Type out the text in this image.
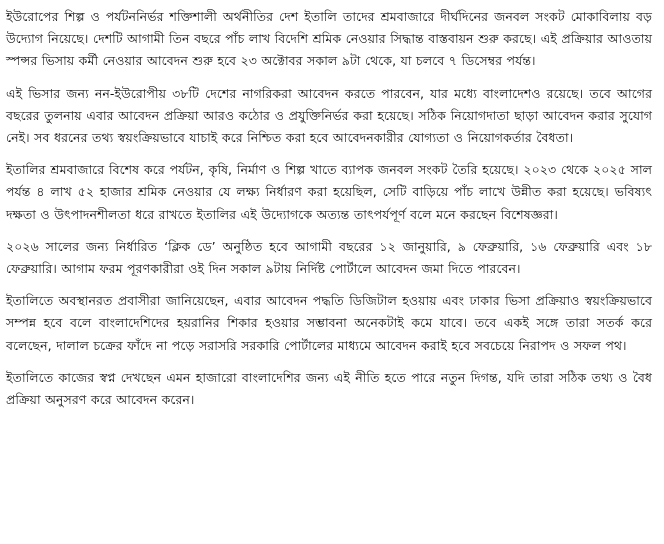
ইউরোপের শিল্প ও পর্যটননির্ভর শক্তিশালী অর্থনীতির দেশ ইতালি তাদের শ্রমবাজারে দীর্ঘদিনের জনবল সংকট মোকাবিলায় বড় উদ্যোগ নিয়েছে। দেশটি আগামী তিন বছরে পাঁচ লাখ বিদেশি শ্রমিক নেওয়ার সিদ্ধান্ত বাস্তবায়ন শুরু করছে। এই প্রক্রিয়ার আওতায় স্পন্সর ভিসায় কর্মী নেওয়ার আবেদন শুরু হবে ২৩ অক্টোবর সকাল ৯টা থেকে, যা চলবে ৭ ডিসেম্বর পর্যন্ত।

এই ভিসার জন্য নন-ইউরোপীয় ৩৮টি দেশের নাগরিকরা আবেদন করতে পারবেন, যার মধ্যে বাংলাদেশও রয়েছে। তবে আগের বছরের তুলনায় এবার আবেদন প্রক্রিয়া আরও কঠোর ও প্রযুক্তিনির্ভর করা হয়েছে। সঠিক নিয়োগদাতা ছাড়া আবেদন করার সুযোগ নেই। সব ধরনের তথ্য স্বয়ংক্রিয়ভাবে যাচাই করে নিশ্চিত করা হবে আবেদনকারীর যোগ্যতা ও নিয়োগকর্তার বৈধতা।

ইতালির শ্রমবাজারে বিশেষ করে পর্যটন, কৃষি, নির্মাণ ও শিল্প খাতে ব্যাপক জনবল সংকট তৈরি হয়েছে। ২০২৩ থেকে ২০২৫ সাল পর্যন্ত ৪ লাখ ৫২ হাজার শ্রমিক নেওয়ার যে লক্ষ্য নির্ধারণ করা হয়েছিল, সেটি বাড়িয়ে পাঁচ লাখে উন্নীত করা হয়েছে। ভবিষ্যৎ দক্ষতা ও উৎপাদনশীলতা ধরে রাখতে ইতালির এই উদ্যোগকে অত্যন্ত তাৎপর্যপূর্ণ বলে মনে করছেন বিশেষজ্ঞরা।

২০২৬ সালের জন্য নির্ধারিত ‘ক্লিক ডে’ অনুষ্ঠিত হবে আগামী বছরের ১২ জানুয়ারি, ৯ ফেব্রুয়ারি, ১৬ ফেব্রুয়ারি এবং ১৮ ফেব্রুয়ারি। আগাম ফরম পূরণকারীরা ওই দিন সকাল ৯টায় নির্দিষ্ট পোর্টালে আবেদন জমা দিতে পারবেন।

ইতালিতে অবস্থানরত প্রবাসীরা জানিয়েছেন, এবার আবেদন পদ্ধতি ডিজিটাল হওয়ায় এবং ঢাকার ভিসা প্রক্রিয়াও স্বয়ংক্রিয়ভাবে সম্পন্ন হবে বলে বাংলাদেশিদের হয়রানির শিকার হওয়ার সম্ভাবনা অনেকটাই কমে যাবে। তবে একই সঙ্গে তারা সতর্ক করে বলেছেন, দালাল চক্রের ফাঁদে না পড়ে সরাসরি সরকারি পোর্টালের মাধ্যমে আবেদন করাই হবে সবচেয়ে নিরাপদ ও সফল পথ।

ইতালিতে কাজের স্বপ্ন দেখছেন এমন হাজারো বাংলাদেশির জন্য এই নীতি হতে পারে নতুন দিগন্ত, যদি তারা সঠিক তথ্য ও বৈধ প্রক্রিয়া অনুসরণ করে আবেদন করেন।
